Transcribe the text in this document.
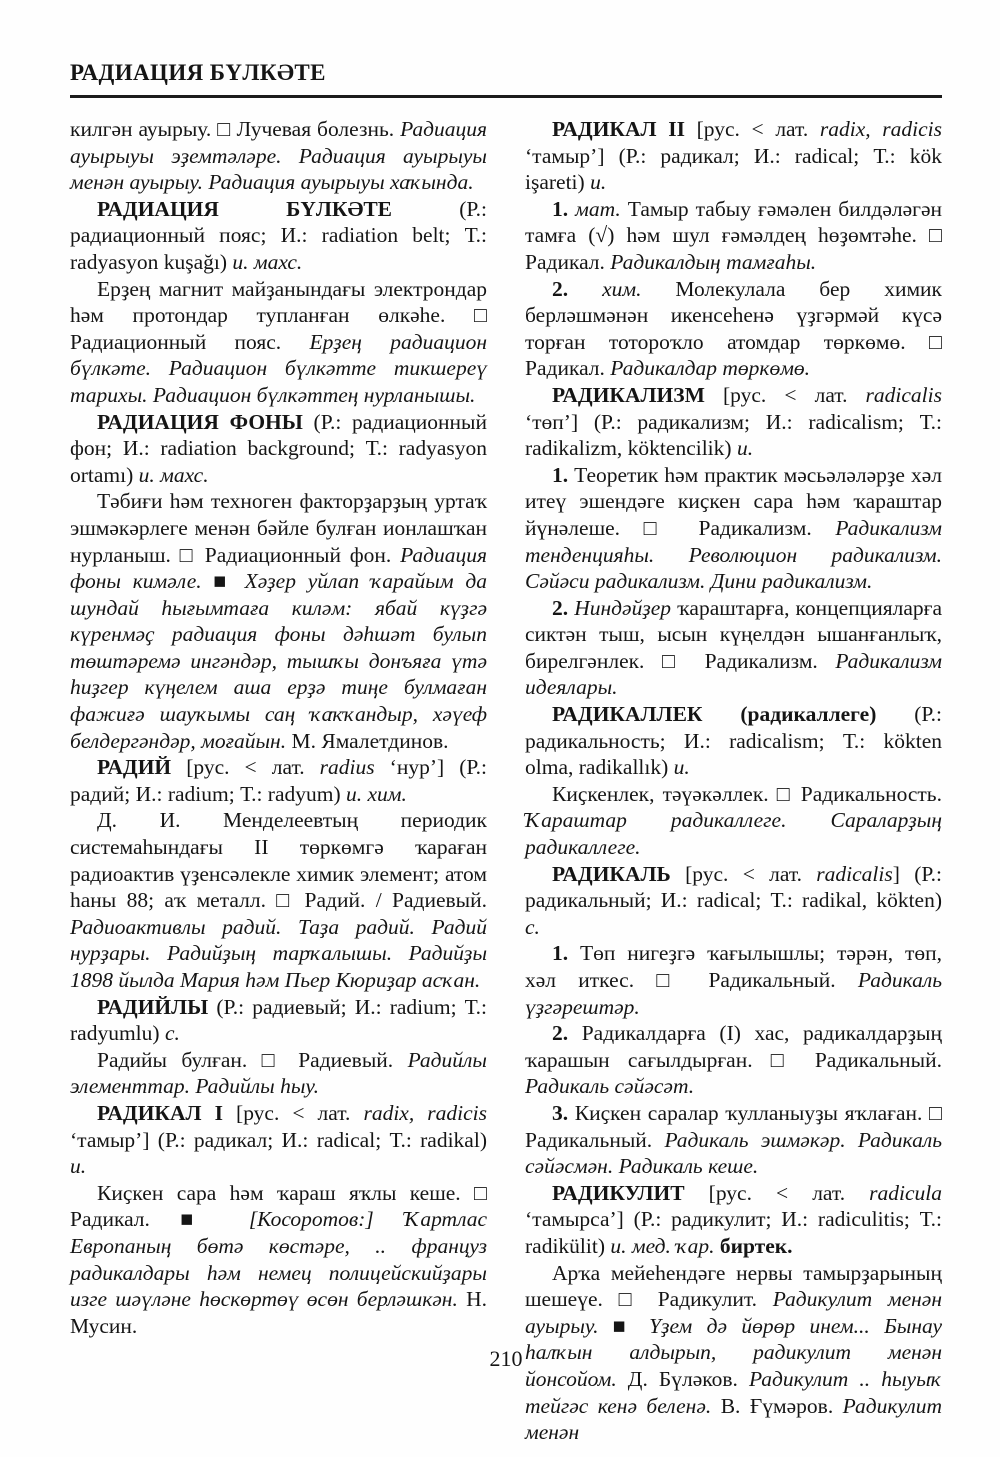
РАДИАЦИЯ БҮЛКӘТЕ

килгән ауырыу. □ Лучевая болезнь. Радиация ауырыуы эҙемтәләре. Радиация ауырыуы менән ауырыу. Радиация ауырыуы хаҡында.

РАДИАЦИЯ БҮЛКӘТЕ (Р.: радиационный пояс; И.: radiation belt; Т.: radyasyon kuşağı) и. махс.

Ерҙең магнит майҙанындағы электрондар һәм протондар тупланған өлкәһе. □ Радиационный пояс. Ерҙең радиацион бүлкәте. Радиацион бүлкәтте тикшереү тарихы. Радиацион бүлкәттең нурланышы.

РАДИАЦИЯ ФОНЫ (Р.: радиационный фон; И.: radiation background; Т.: radyasyon ortamı) и. махс.

Тәбиғи һәм техноген факторҙарҙың уртаҡ эшмәкәрлеге менән бәйле булған ионлашҡан нурланыш. □ Радиационный фон. Радиация фоны кимәле. ■ Хәҙер уйлап ҡарайым да шундай һығымтаға киләм: ябай күҙгә күренмәҫ радиация фоны дәһшәт булып төштәремә ингәндәр, тышҡы донъяға үтә һиҙгер күңелем аша ерҙә тиңе булмаған фажиғә шауҡымы саң ҡаҡҡандыр, хәүеф белдергәндәр, моғайын. М. Ямалетдинов.

РАДИЙ [рус. < лат. radius ‘нур’] (Р.: радий; И.: radium; Т.: radyum) и. хим.

Д. И. Менделеевтың периодик системаһындағы II төркөмгә ҡараған радиоактив үҙенсәлекле химик элемент; атом һаны 88; аҡ металл. □ Радий. / Радиевый. Радиоактивлы радий. Таҙа радий. Радий нурҙары. Радийҙың тарҡалышы. Радийҙы 1898 йылда Мария һәм Пьер Кюриҙар асҡан.

РАДИЙЛЫ (Р.: радиевый; И.: radium; Т.: radyumlu) с.

Радийы булған. □ Радиевый. Радийлы элементтар. Радийлы һыу.

РАДИКАЛ I [рус. < лат. radix, radicis ‘тамыр’] (Р.: радикал; И.: radical; Т.: radikal) и.

Киҫкен сара һәм ҡараш яҡлы кеше. □ Радикал. ■ [Косоротов:] Ҡартлас Европаның бөтә көстәре, .. француз радикалдары һәм немец полицейскийҙары изге шәүләне һөскөртөү өсөн берләшкән. Н. Мусин.

РАДИКАЛ II [рус. < лат. radix, radicis ‘тамыр’] (Р.: радикал; И.: radical; Т.: kök işareti) и.

1. мат. Тамыр табыу ғәмәлен билдәләгән тамға (√) һәм шул ғәмәлдең һөҙөмтәһе. □ Радикал. Радикалдың тамғаһы.

2. хим. Молекулала бер химик берләшмәнән икенсеһенә үҙгәрмәй күсә торған тотороҡло атомдар төркөмө. □ Радикал. Радикалдар төркөмө.

РАДИКАЛИЗМ [рус. < лат. radicalis ‘төп’] (Р.: радикализм; И.: radicalism; Т.: radikalizm, köktencilik) и.

1. Теоретик һәм практик мәсьәләләрҙе хәл итеү эшендәге киҫкен сара һәм ҡараштар йүнәлеше. □ Радикализм. Радикализм тенденцияһы. Революцион радикализм. Сәйәси радикализм. Дини радикализм.

2. Ниндәйҙер ҡараштарға, концепцияларға сиктән тыш, ысын күңелдән ышанғанлыҡ, бирелгәнлек. □ Радикализм. Радикализм идеялары.

РАДИКАЛЛЕК (радикаллеге) (Р.: радикальность; И.: radicalism; Т.: kökten olma, radikallık) и.

Киҫкенлек, тәүәкәллек. □ Радикальность. Ҡараштар радикаллеге. Сараларҙың радикаллеге.

РАДИКАЛЬ [рус. < лат. radicalis] (Р.: радикальный; И.: radical; Т.: radikal, kökten) с.

1. Төп нигеҙгә ҡағылышлы; тәрән, төп, хәл иткес. □ Радикальный. Радикаль үҙгәрештәр.

2. Радикалдарға (I) хас, радикалдарҙың ҡарашын сағылдырған. □ Радикальный. Радикаль сәйәсәт.

3. Киҫкен саралар ҡулланыуҙы яҡлаған. □ Радикальный. Радикаль эшмәкәр. Радикаль сәйәсмән. Радикаль кеше.

РАДИКУЛИТ [рус. < лат. radicula ‘тамырса’] (Р.: радикулит; И.: radiculitis; Т.: radikülit) и. мед. ҡар. биртек.

Арҡа мейеһендәге нервы тамырҙарының шешеүе. □ Радикулит. Радикулит менән ауырыу. ■ Үҙем дә йөрөр инем... Бынау һалҡын алдырып, радикулит менән йонсойом. Д. Бүләков. Радикулит .. һыуыҡ тейгәс кенә беленә. В. Ғүмәров. Радикулит менән

210
